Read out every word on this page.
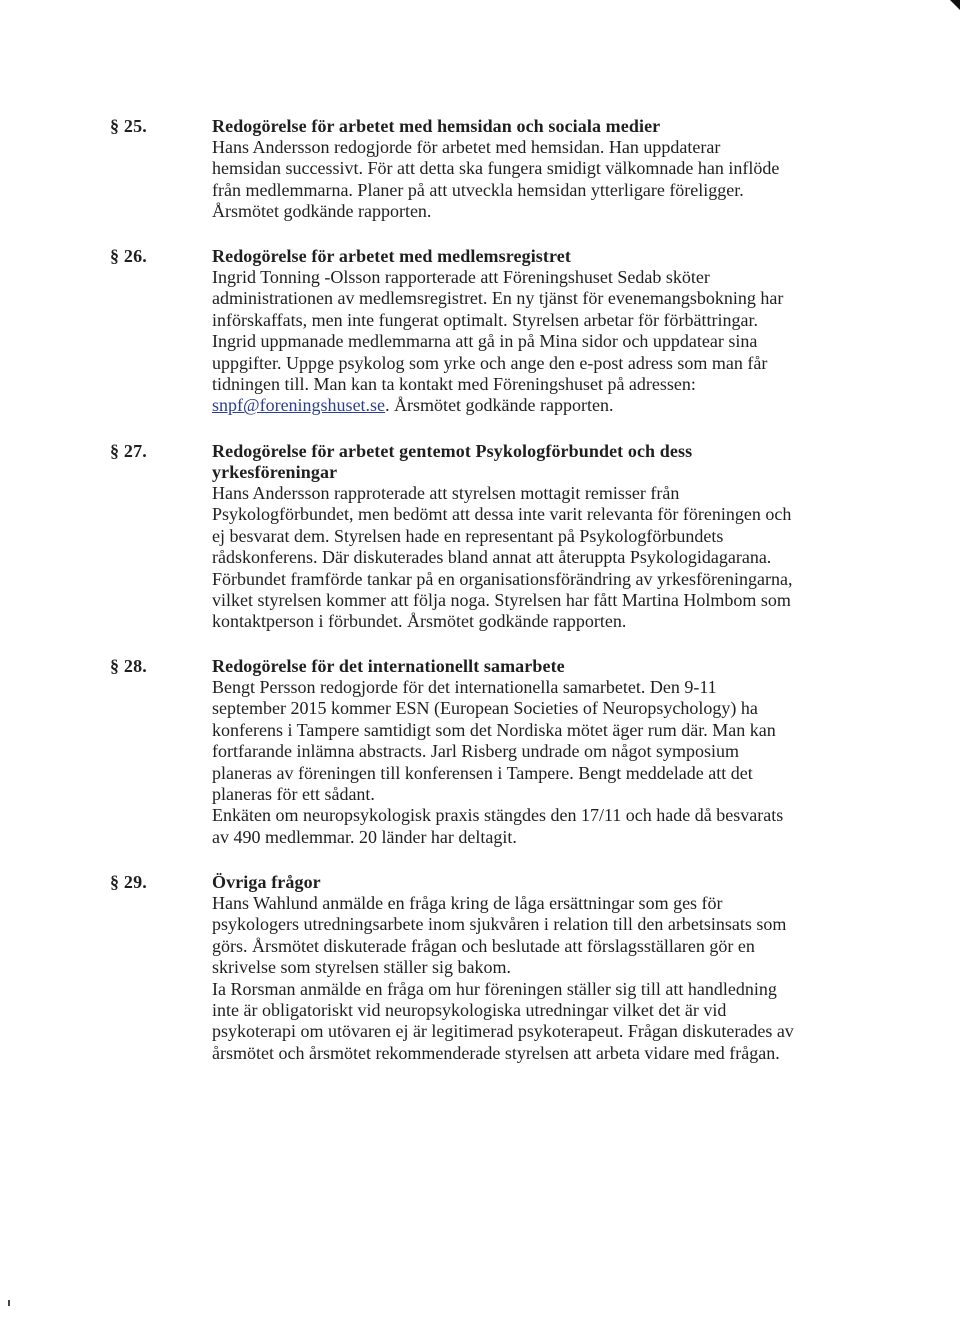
§ 25.	Redogörelse för arbetet med hemsidan och sociala medier

Hans Andersson redogjorde för arbetet med hemsidan. Han uppdaterar

hemsidan successivt. För att detta ska fungera smidigt välkomnade han inflöde

från medlemmarna. Planer på att utveckla hemsidan ytterligare föreligger.

Årsmötet godkände rapporten.

§ 26.	Redogörelse för arbetet med medlemsregistret

Ingrid Tonning -Olsson rapporterade att Föreningshuset Sedab sköter

administrationen av medlemsregistret. En ny tjänst för evenemangsbokning har

införskaffats, men inte fungerat optimalt. Styrelsen arbetar för förbättringar.

Ingrid uppmanade medlemmarna att gå in på Mina sidor och uppdatear sina

uppgifter. Uppge psykolog som yrke och ange den e-post adress som man får

tidningen till. Man kan ta kontakt med Föreningshuset på adressen:

snpf@foreningshuset.se. Årsmötet godkände rapporten.

§ 27.	Redogörelse för arbetet gentemot Psykologförbundet och dess

yrkesföreningar

Hans Andersson rapproterade att styrelsen mottagit remisser från

Psykologförbundet, men bedömt att dessa inte varit relevanta för föreningen och

ej besvarat dem. Styrelsen hade en representant på Psykologförbundets

rådskonferens. Där diskuterades bland annat att återuppta Psykologidagarana.

Förbundet framförde tankar på en organisationsförändring av yrkesföreningarna,

vilket styrelsen kommer att följa noga. Styrelsen har fått Martina Holmbom som

kontaktperson i förbundet. Årsmötet godkände rapporten.

§ 28.	Redogörelse för det internationellt samarbete

Bengt Persson redogjorde för det internationella samarbetet. Den 9-11

september 2015 kommer ESN (European Societies of Neuropsychology) ha

konferens i Tampere samtidigt som det Nordiska mötet äger rum där. Man kan

fortfarande inlämna abstracts. Jarl Risberg undrade om något symposium

planeras av föreningen till konferensen i Tampere. Bengt meddelade att det

planeras för ett sådant.

Enkäten om neuropsykologisk praxis stängdes den 17/11 och hade då besvarats

av 490 medlemmar. 20 länder har deltagit.

§ 29.	Övriga frågor

Hans Wahlund anmälde en fråga kring de låga ersättningar som ges för

psykologers utredningsarbete inom sjukvåren i relation till den arbetsinsats som

görs. Årsmötet diskuterade frågan och beslutade att förslagsställaren gör en

skrivelse som styrelsen ställer sig bakom.

Ia Rorsman anmälde en fråga om hur föreningen ställer sig till att handledning

inte är obligatoriskt vid neuropsykologiska utredningar vilket det är vid

psykoterapi om utövaren ej är legitimerad psykoterapeut. Frågan diskuterades av

årsmötet och årsmötet rekommenderade styrelsen att arbeta vidare med frågan.
